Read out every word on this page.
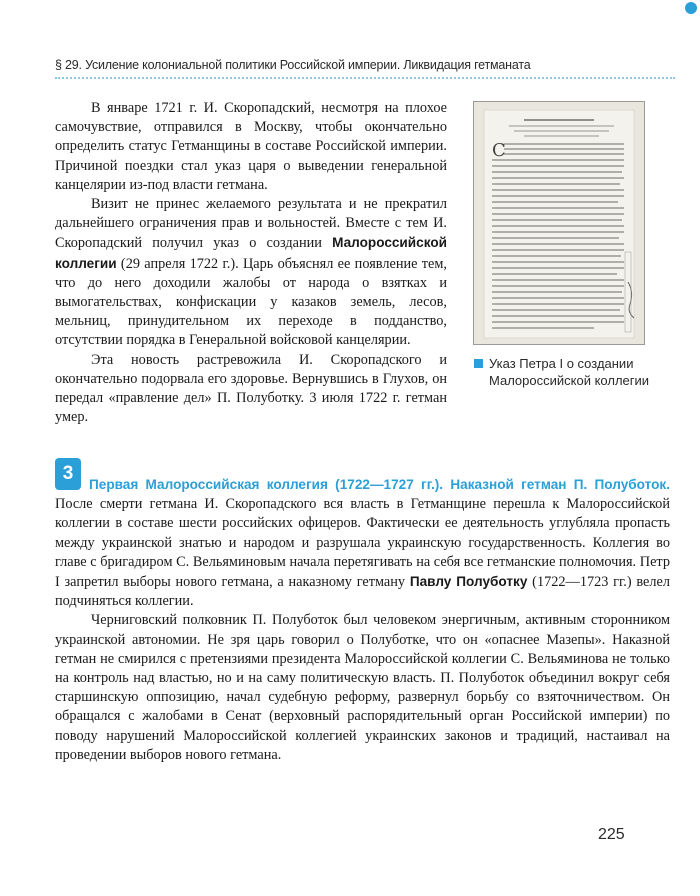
§ 29. Усиление колониальной политики Российской империи. Ликвидация гетманата

В январе 1721 г. И. Скоропадский, несмотря на плохое самочувствие, отправился в Москву, чтобы окончательно определить статус Гетманщины в составе Российской империи. Причиной поездки стал указ царя о выведении генеральной канцелярии из-под власти гетмана.

Визит не принес желаемого результата и не прекратил дальнейшего ограничения прав и вольностей. Вместе с тем И. Скоропадский получил указ о создании Малороссийской коллегии (29 апреля 1722 г.). Царь объяснял ее появление тем, что до него доходили жалобы от народа о взятках и вымогательствах, конфискации у казаков земель, лесов, мельниц, принудительном их переходе в подданство, отсутствии порядка в Генеральной войсковой канцелярии.

Эта новость растревожила И. Скоропадского и окончательно подорвала его здоровье. Вернувшись в Глухов, он передал «правление дел» П. Полуботку. 3 июля 1722 г. гетман умер.

C
Указ Петра I о создании Малороссийской коллегии
3

Первая Малороссийская коллегия (1722—1727 гг.). Наказной гетман П. Полуботок. После смерти гетмана И. Скоропадского вся власть в Гетманщине перешла к Малороссийской коллегии в составе шести российских офицеров. Фактически ее деятельность углубляла пропасть между украинской знатью и народом и разрушала украинскую государственность. Коллегия во главе с бригадиром С. Вельяминовым начала перетягивать на себя все гетманские полномочия. Петр I запретил выборы нового гетмана, а наказному гетману Павлу Полуботку (1722—1723 гг.) велел подчиняться коллегии.

Черниговский полковник П. Полуботок был человеком энергичным, активным сторонником украинской автономии. Не зря царь говорил о Полуботке, что он «опаснее Мазепы». Наказной гетман не смирился с претензиями президента Малороссийской коллегии С. Вельяминова не только на контроль над властью, но и на саму политическую власть. П. Полуботок объединил вокруг себя старшинскую оппозицию, начал судебную реформу, развернул борьбу со взяточничеством. Он обращался с жалобами в Сенат (верховный распорядительный орган Российской империи) по поводу нарушений Малороссийской коллегией украинских законов и традиций, настаивал на проведении выборов нового гетмана.

225
